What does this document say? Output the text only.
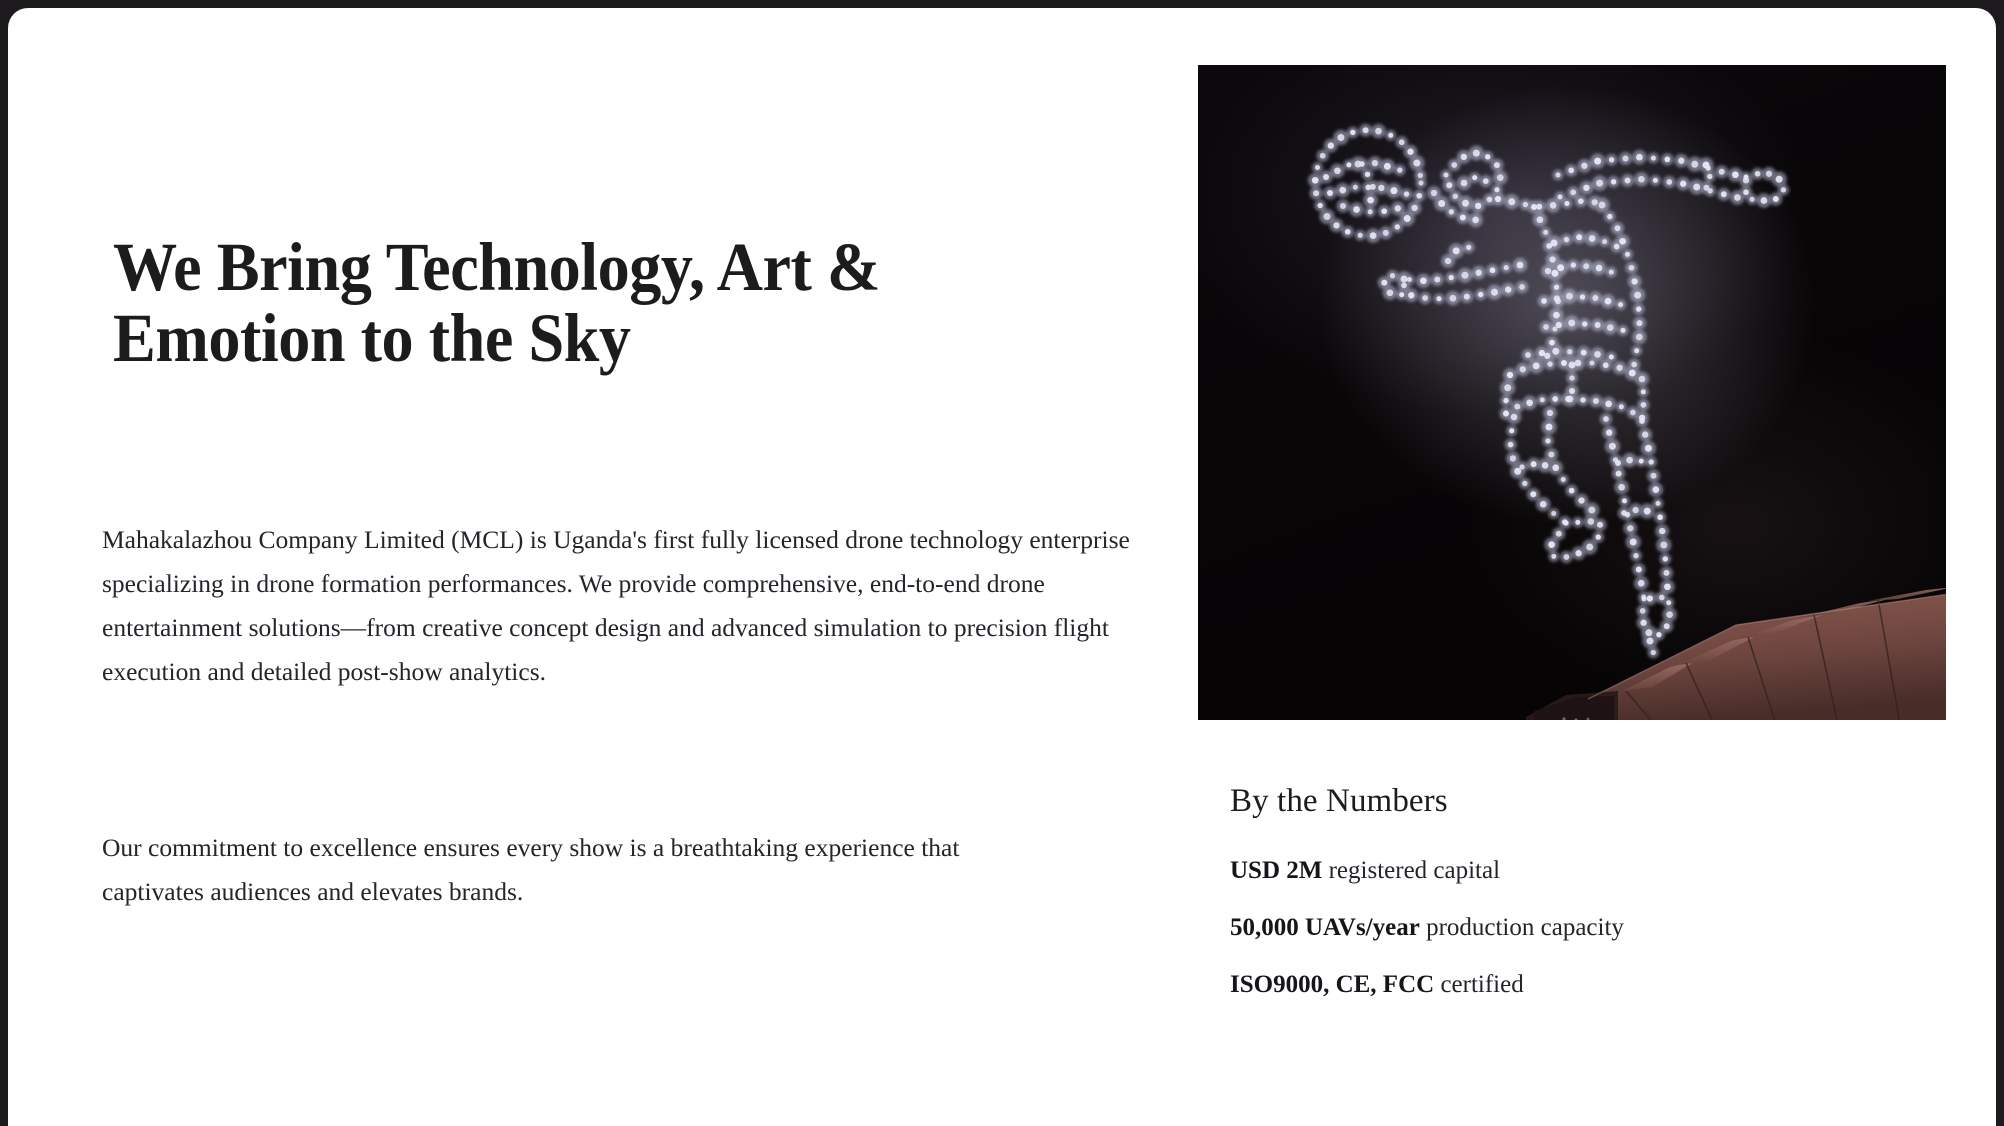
We Bring Technology, Art & Emotion to the Sky

Mahakalazhou Company Limited (MCL) is Uganda's first fully licensed drone technology enterprise specializing in drone formation performances. We provide comprehensive, end-to-end drone entertainment solutions—from creative concept design and advanced simulation to precision flight execution and detailed post-show analytics.

Our commitment to excellence ensures every show is a breathtaking experience that captivates audiences and elevates brands.

By the Numbers
USD 2M registered capital
50,000 UAVs/year production capacity
ISO9000, CE, FCC certified
